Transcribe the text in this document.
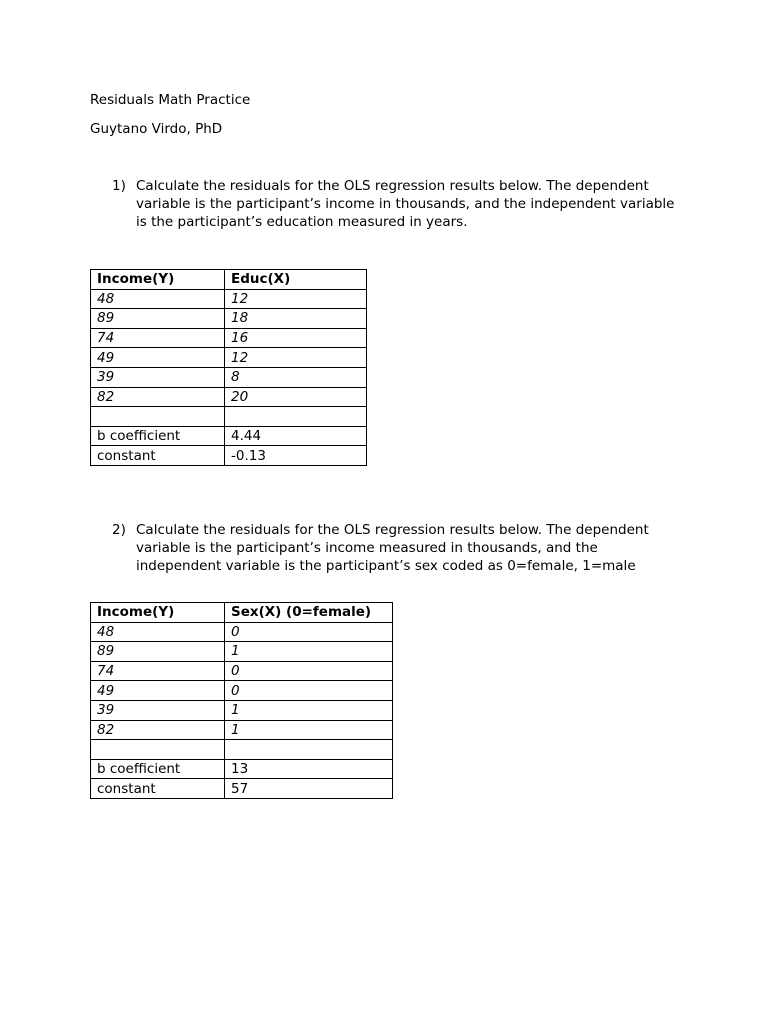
Residuals Math Practice

Guytano Virdo, PhD

1) Calculate the residuals for the OLS regression results below. The dependent variable is the participant’s income in thousands, and the independent variable is the participant’s education measured in years.
Income(Y)	Educ(X)
48	12
89	18
74	16
49	12
39	8
82	20

b coefficient	4.44
constant	-0.13
2) Calculate the residuals for the OLS regression results below. The dependent variable is the participant’s income measured in thousands, and the independent variable is the participant’s sex coded as 0=female, 1=male
Income(Y)	Sex(X) (0=female)
48	0
89	1
74	0
49	0
39	1
82	1

b coefficient	13
constant	57
